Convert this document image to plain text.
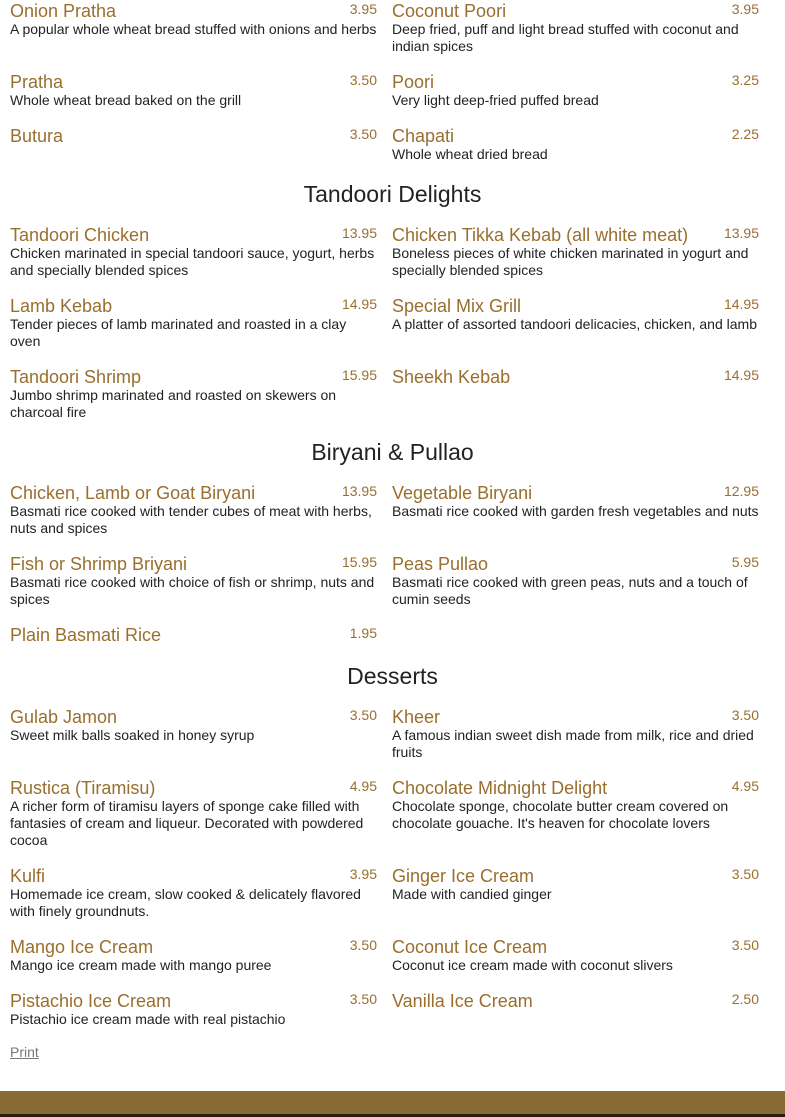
Onion Pratha	3.95
A popular whole wheat bread stuffed with onions and herbs
Coconut Poori	3.95
Deep fried, puff and light bread stuffed with coconut and indian spices
Pratha	3.50
Whole wheat bread baked on the grill
Poori	3.25
Very light deep-fried puffed bread
Butura	3.50 Chapati	2.25
Whole wheat dried bread
Tandoori Delights
Tandoori Chicken	13.95
Chicken marinated in special tandoori sauce, yogurt, herbs and specially blended spices
Chicken Tikka Kebab (all white meat)	13.95
Boneless pieces of white chicken marinated in yogurt and specially blended spices
Lamb Kebab	14.95
Tender pieces of lamb marinated and roasted in a clay oven
Special Mix Grill	14.95
A platter of assorted tandoori delicacies, chicken, and lamb
Tandoori Shrimp	15.95
Jumbo shrimp marinated and roasted on skewers on charcoal fire
Sheekh Kebab	14.95
Biryani & Pullao
Chicken, Lamb or Goat Biryani	13.95
Basmati rice cooked with tender cubes of meat with herbs, nuts and spices
Vegetable Biryani	12.95
Basmati rice cooked with garden fresh vegetables and nuts
Fish or Shrimp Briyani	15.95
Basmati rice cooked with choice of fish or shrimp, nuts and spices
Peas Pullao	5.95
Basmati rice cooked with green peas, nuts and a touch of cumin seeds
Plain Basmati Rice	1.95
Desserts
Gulab Jamon	3.50
Sweet milk balls soaked in honey syrup
Kheer	3.50
A famous indian sweet dish made from milk, rice and dried fruits
Rustica (Tiramisu)	4.95
A richer form of tiramisu layers of sponge cake filled with fantasies of cream and liqueur. Decorated with powdered cocoa
Chocolate Midnight Delight	4.95
Chocolate sponge, chocolate butter cream covered on chocolate gouache. It's heaven for chocolate lovers
Kulfi	3.95
Homemade ice cream, slow cooked & delicately flavored with finely groundnuts.
Ginger Ice Cream	3.50
Made with candied ginger
Mango Ice Cream	3.50
Mango ice cream made with mango puree
Coconut Ice Cream	3.50
Coconut ice cream made with coconut slivers
Pistachio Ice Cream	3.50
Pistachio ice cream made with real pistachio
Vanilla Ice Cream	2.50
Print
